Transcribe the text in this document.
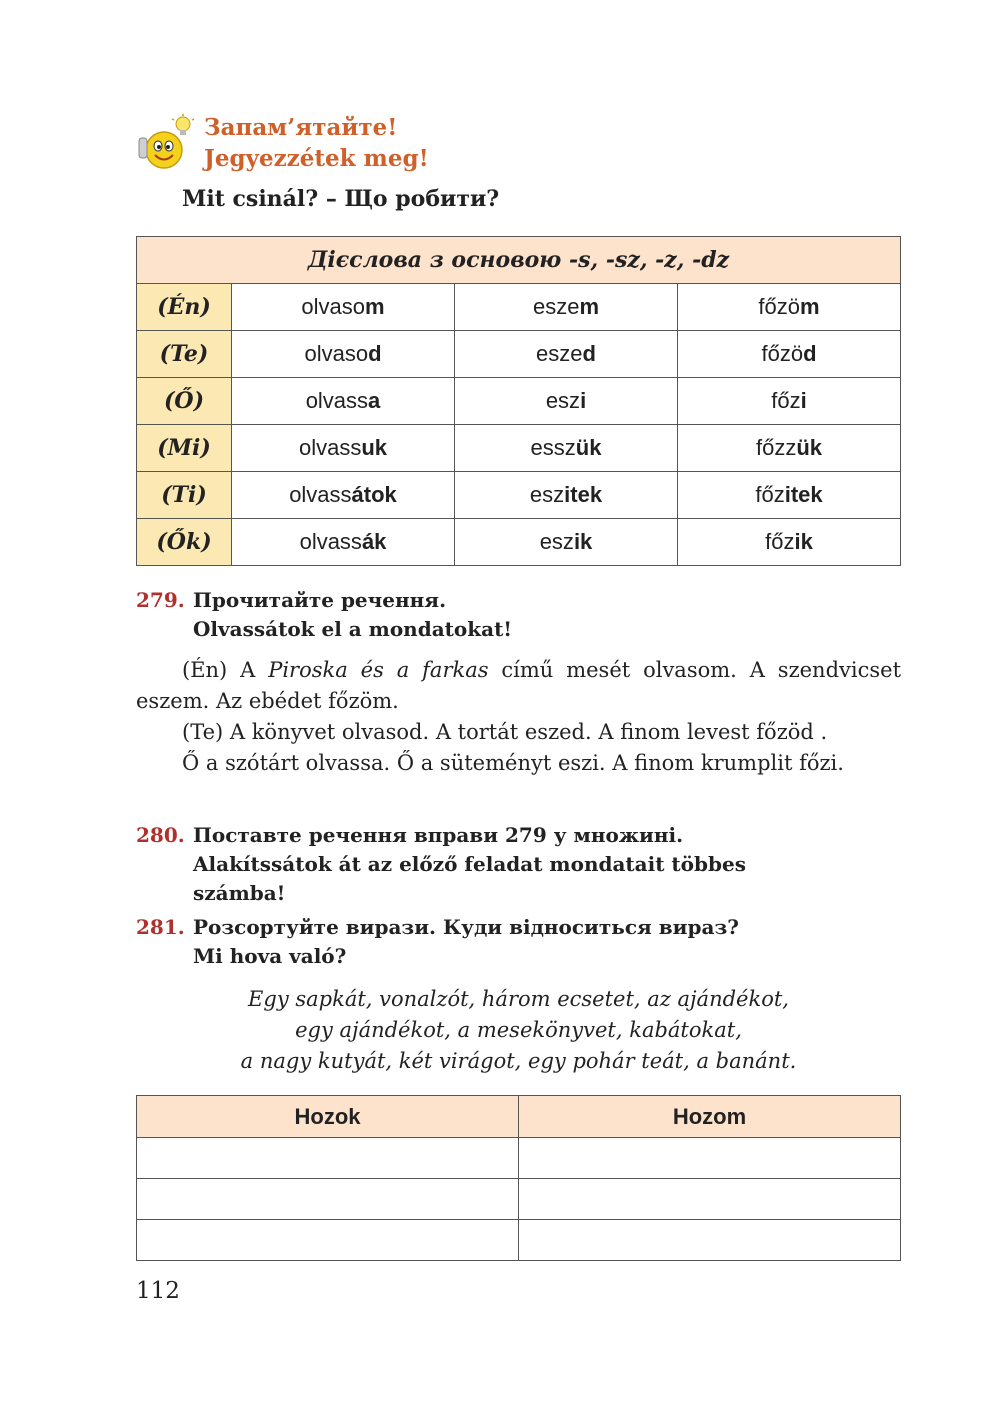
Запам’ятайте!
Jegyezzétek meg!
Mit csinál? – Що робити?
Дієслова з основою -s, -sz, -z, -dz			
(Én)	olvasom	eszem	főzöm
(Te)	olvasod	eszed	főzöd
(Ő)	olvassa	eszi	főzi
(Mi)	olvassuk	esszük	főzzük
(Ti)	olvassátok	eszitek	főzitek
(Ők)	olvassák	eszik	főzik
279. Прочитайте речення.
Olvassátok el a mondatokat!

(Én) A Piroska és a farkas című mesét olvasom. A szendvicset eszem. Az ebédet főzöm.

(Te) A könyvet olvasod. A tortát eszed. A finom levest főzöd .

Ő a szótárt olvassa. Ő a süteményt eszi. A finom krumplit főzi.

280. Поставте речення вправи 279 у множині.
Alakítssátok át az előző feladat mondatait többes
számba!
281. Розсортуйте вирази. Куди відноситься вираз?
Mi hova való?
Egy sapkát, vonalzót, három ecsetet, az ajándékot,
egy ajándékot, a mesekönyvet, kabátokat,
a nagy kutyát, két virágot, egy pohár teát, a banánt.
Hozok	Hozom

112
